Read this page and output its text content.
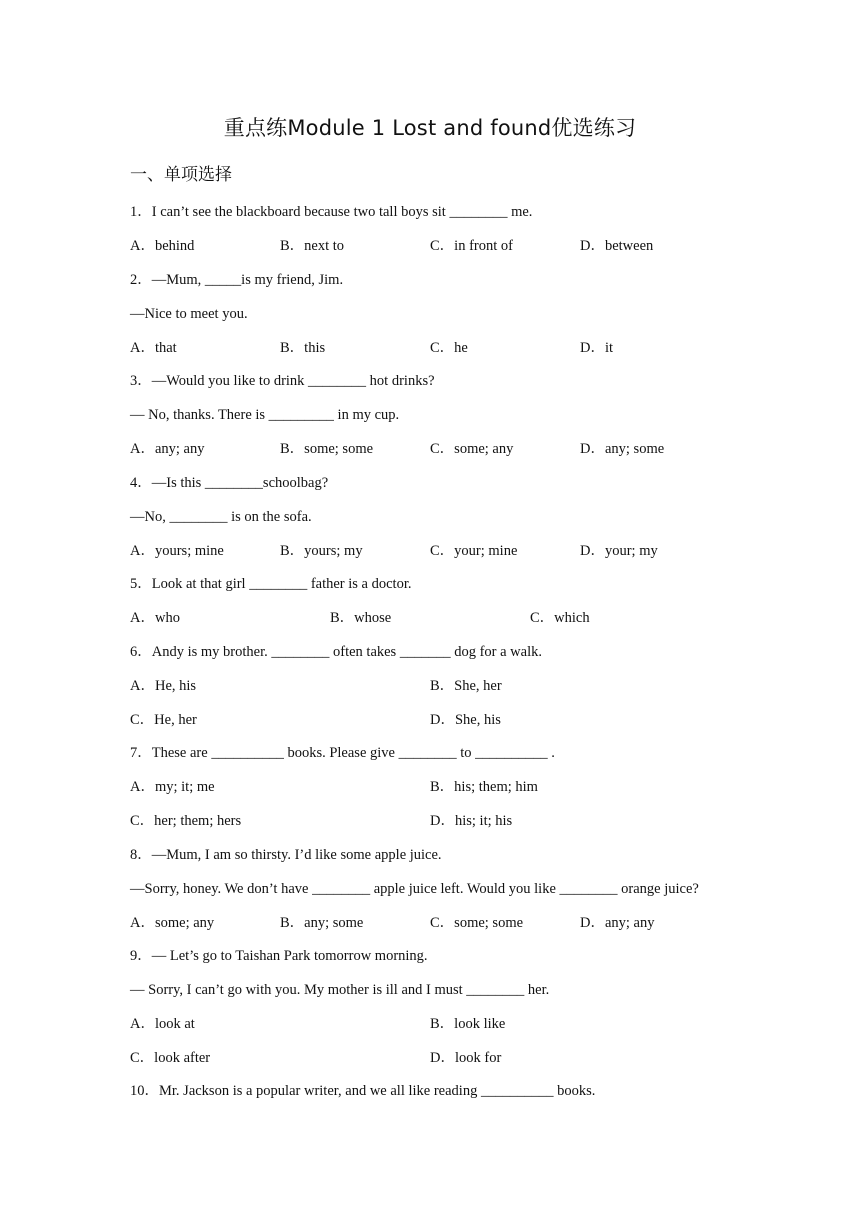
重点练Module 1 Lost and found优选练习
一、单项选择
1．I can’t see the blackboard because two tall boys sit ________ me.
A．behind	B．next to	C．in front of	D．between
2．—Mum, _____is my friend, Jim.
—Nice to meet you.
A．that	B．this	C．he	D．it
3．—Would you like to drink ________ hot drinks?
— No, thanks. There is _________ in my cup.
A．any; any	B．some; some	C．some; any	D．any; some
4．—Is this ________schoolbag?
—No, ________ is on the sofa.
A．yours; mine	B．yours; my	C．your; mine	D．your; my
5．Look at that girl ________ father is a doctor.
A．who	B．whose	C．which
6．Andy is my brother. ________ often takes _______ dog for a walk.
A．He, his	B．She, her
C．He, her	D．She, his
7．These are __________ books. Please give ________ to __________ .
A．my; it; me	B．his; them; him
C．her; them; hers	D．his; it; his
8．—Mum, I am so thirsty. I’d like some apple juice.
—Sorry, honey. We don’t have ________ apple juice left. Would you like ________ orange juice?
A．some; any	B．any; some	C．some; some	D．any; any
9．— Let’s go to Taishan Park tomorrow morning.
— Sorry, I can’t go with you. My mother is ill and I must ________ her.
A．look at	B．look like
C．look after	D．look for
10．Mr. Jackson is a popular writer, and we all like reading __________ books.
